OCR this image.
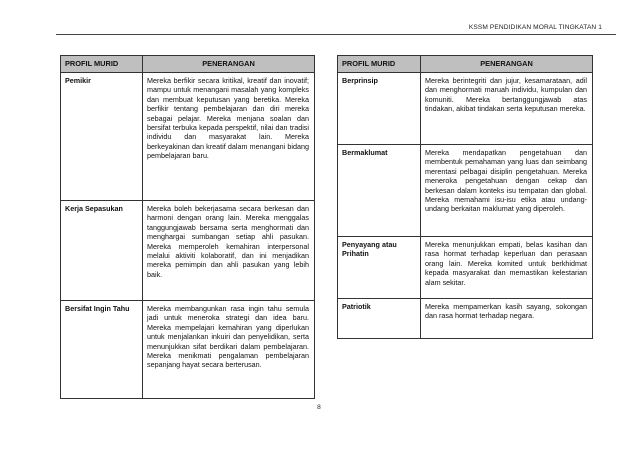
KSSM PENDIDIKAN MORAL TINGKATAN 1
PROFIL MURID	PENERANGAN
Pemikir	Mereka berfikir secara kritikal, kreatif dan inovatif; mampu untuk menangani masalah yang kompleks dan membuat keputusan yang beretika. Mereka berfikir tentang pembelajaran dan diri mereka sebagai pelajar. Mereka menjana soalan dan bersifat terbuka kepada perspektif, nilai dan tradisi individu dan masyarakat lain. Mereka berkeyakinan dan kreatif dalam menangani bidang pembelajaran baru.
Kerja Sepasukan	Mereka boleh bekerjasama secara berkesan dan harmoni dengan orang lain. Mereka menggalas tanggungjawab bersama serta menghormati dan menghargai sumbangan setiap ahli pasukan. Mereka memperoleh kemahiran interpersonal melalui aktiviti kolaboratif, dan ini menjadikan mereka pemimpin dan ahli pasukan yang lebih baik.
Bersifat Ingin Tahu	Mereka membangunkan rasa ingin tahu semula jadi untuk meneroka strategi dan idea baru. Mereka mempelajari kemahiran yang diperlukan untuk menjalankan inkuiri dan penyelidikan, serta menunjukkan sifat berdikari dalam pembelajaran. Mereka menikmati pengalaman pembelajaran sepanjang hayat secara berterusan.
PROFIL MURID	PENERANGAN
Berprinsip	Mereka berintegriti dan jujur, kesamarataan, adil dan menghormati maruah individu, kumpulan dan komuniti. Mereka bertanggungjawab atas tindakan, akibat tindakan serta keputusan mereka.
Bermaklumat	Mereka mendapatkan pengetahuan dan membentuk pemahaman yang luas dan seimbang merentasi pelbagai disiplin pengetahuan. Mereka meneroka pengetahuan dengan cekap dan berkesan dalam konteks isu tempatan dan global. Mereka memahami isu-isu etika atau undang-undang berkaitan maklumat yang diperoleh.
Penyayang atau Prihatin	Mereka menunjukkan empati, belas kasihan dan rasa hormat terhadap keperluan dan perasaan orang lain. Mereka komited untuk berkhidmat kepada masyarakat dan memastikan kelestarian alam sekitar.
Patriotik	Mereka mempamerkan kasih sayang, sokongan dan rasa hormat terhadap negara.
8
